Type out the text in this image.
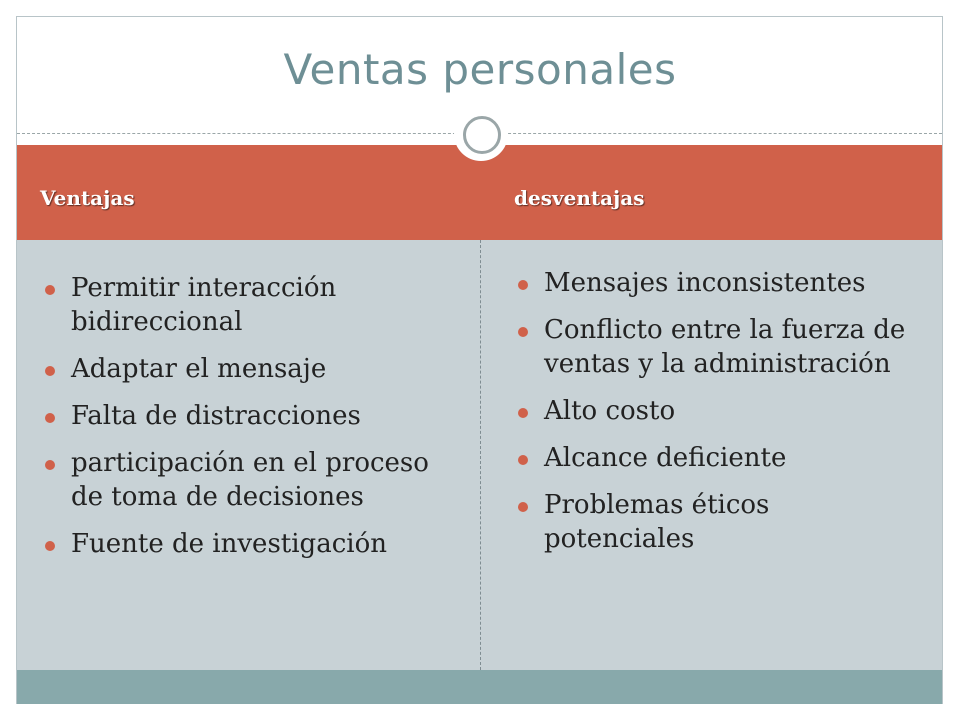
Ventas personales
Ventajas	desventajas
Permitir interacción bidireccional
Adaptar el mensaje
Falta de distracciones
participación en el proceso de toma de decisiones
Fuente de investigación
Mensajes inconsistentes
Conflicto entre la fuerza de ventas y la administración
Alto costo
Alcance deficiente
Problemas éticos potenciales
